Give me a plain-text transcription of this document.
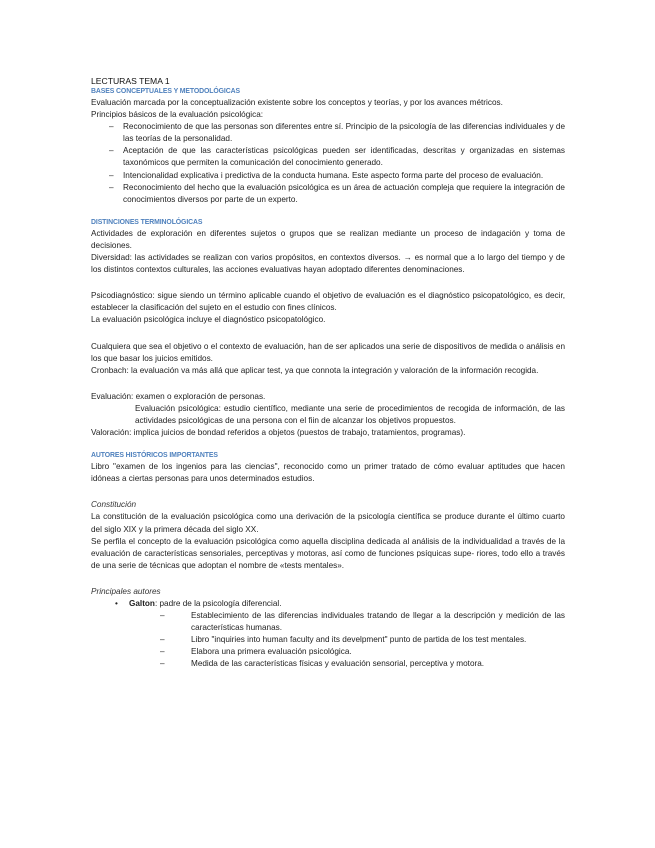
LECTURAS TEMA 1

BASES CONCEPTUALES Y METODOLÓGICAS

Evaluación marcada por la conceptualización existente sobre los conceptos y teorías, y por los avances métricos.

Principios básicos de la evaluación psicológica:

–	Reconocimiento de que las personas son diferentes entre sí. Principio de la psicología de las diferencias individuales y de las teorías de la personalidad.
–	Aceptación de que las características psicológicas pueden ser identificadas, descritas y organizadas en sistemas taxonómicos que permiten la comunicación del conocimiento generado.
–	Intencionalidad explicativa i predictiva de la conducta humana. Este aspecto forma parte del proceso de evaluación.
–	Reconocimiento del hecho que la evaluación psicológica es un área de actuación compleja que requiere la integración de conocimientos diversos por parte de un experto.

DISTINCIONES TERMINOLÓGICAS

Actividades de exploración en diferentes sujetos o grupos que se realizan mediante un proceso de indagación y toma de decisiones.

Diversidad: las actividades se realizan con varios propósitos, en contextos diversos. → es normal que a lo largo del tiempo y de los distintos contextos culturales, las acciones evaluativas hayan adoptado diferentes denominaciones.

Psicodiagnóstico: sigue siendo un término aplicable cuando el objetivo de evaluación es el diagnóstico psicopatológico, es decir, establecer la clasificación del sujeto en el estudio con fines clínicos.

La evaluación psicológica incluye el diagnóstico psicopatológico.

Cualquiera que sea el objetivo o el contexto de evaluación, han de ser aplicados una serie de dispositivos de medida o análisis en los que basar los juicios emitidos.

Cronbach: la evaluación va más allá que aplicar test, ya que connota la integración y valoración de la información recogida.

Evaluación: examen o exploración de personas.

Evaluación psicológica: estudio científico, mediante una serie de procedimientos de recogida de información, de las actividades psicológicas de una persona con el fiin de alcanzar los objetivos propuestos.

Valoración: implica juicios de bondad referidos a objetos (puestos de trabajo, tratamientos, programas).

AUTORES HISTÓRICOS IMPORTANTES

Libro "examen de los ingenios para las ciencias", reconocido como un primer tratado de cómo evaluar aptitudes que hacen idóneas a ciertas personas para unos determinados estudios.

Constitución

La constitución de la evaluación psicológica como una derivación de la psicología científica se produce durante el último cuarto del siglo XIX y la primera década del siglo XX.

Se perfila el concepto de la evaluación psicológica como aquella disciplina dedicada al análisis de la individualidad a través de la evaluación de características sensoriales, perceptivas y motoras, así como de funciones psíquicas supe- riores, todo ello a través de una serie de técnicas que adoptan el nombre de «tests mentales».

Principales autores

• Galton: padre de la psicología diferencial.
–	Establecimiento de las diferencias individuales tratando de llegar a la descripción y medición de las características humanas.
–	Libro "inquiries into human faculty and its develpment" punto de partida de los test mentales.
–	Elabora una primera evaluación psicológica.
–	Medida de las características físicas y evaluación sensorial, perceptiva y motora.
